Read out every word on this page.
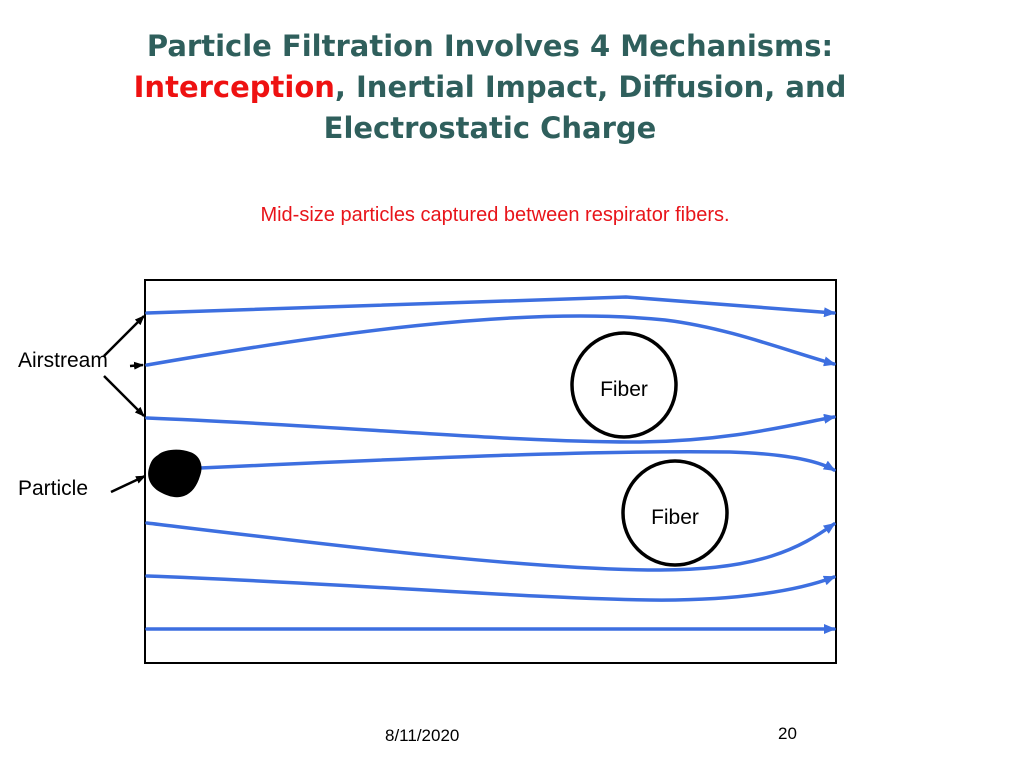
Particle Filtration Involves 4 Mechanisms:
Interception, Inertial Impact, Diffusion, and
Electrostatic Charge
Mid-size particles captured between respirator fibers.
Fiber
Fiber
Airstream
Particle
8/11/2020	20
